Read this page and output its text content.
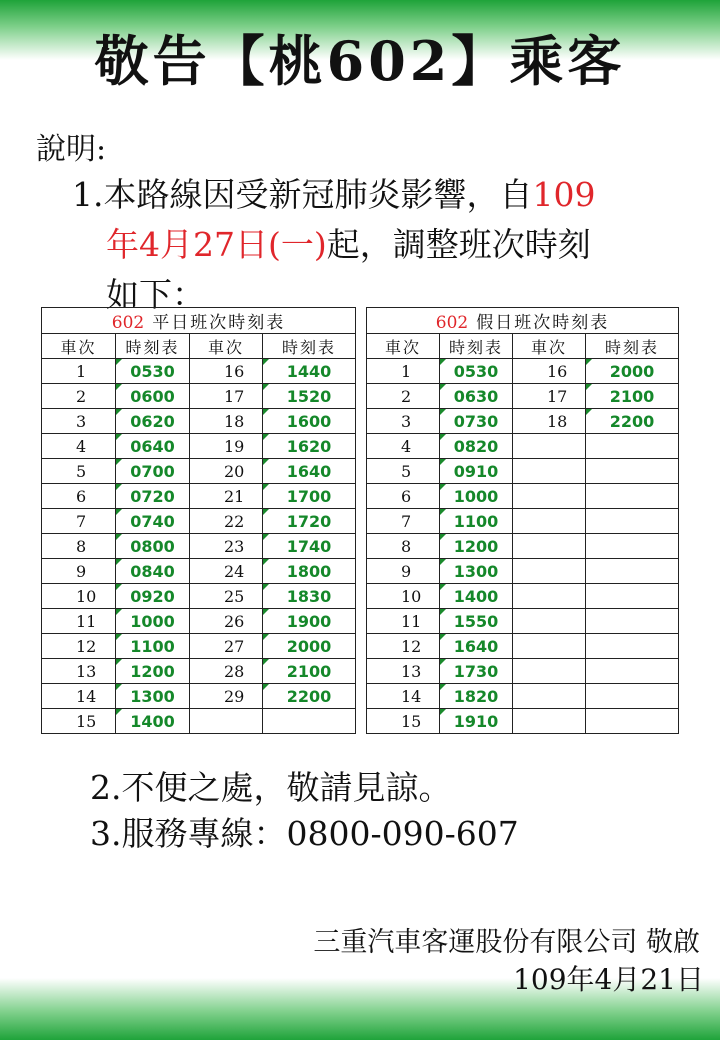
敬告【桃602】乘客
說明:
1.本路線因受新冠肺炎影響，自109
年4月27日(一)起，調整班次時刻
如下：
602 平日班次時刻表			
車次	時刻表	車次	時刻表
1	0530	16	1440
2	0600	17	1520
3	0620	18	1600
4	0640	19	1620
5	0700	20	1640
6	0720	21	1700
7	0740	22	1720
8	0800	23	1740
9	0840	24	1800
10	0920	25	1830
11	1000	26	1900
12	1100	27	2000
13	1200	28	2100
14	1300	29	2200
15	1400		
602 假日班次時刻表			
車次	時刻表	車次	時刻表
1	0530	16	2000
2	0630	17	2100
3	0730	18	2200
4	0820		
5	0910		
6	1000		
7	1100		
8	1200		
9	1300		
10	1400		
11	1550		
12	1640		
13	1730		
14	1820		
15	1910		
2.不便之處，敬請見諒。
3.服務專線：0800-090-607
三重汽車客運股份有限公司 敬啟
109年4月21日
